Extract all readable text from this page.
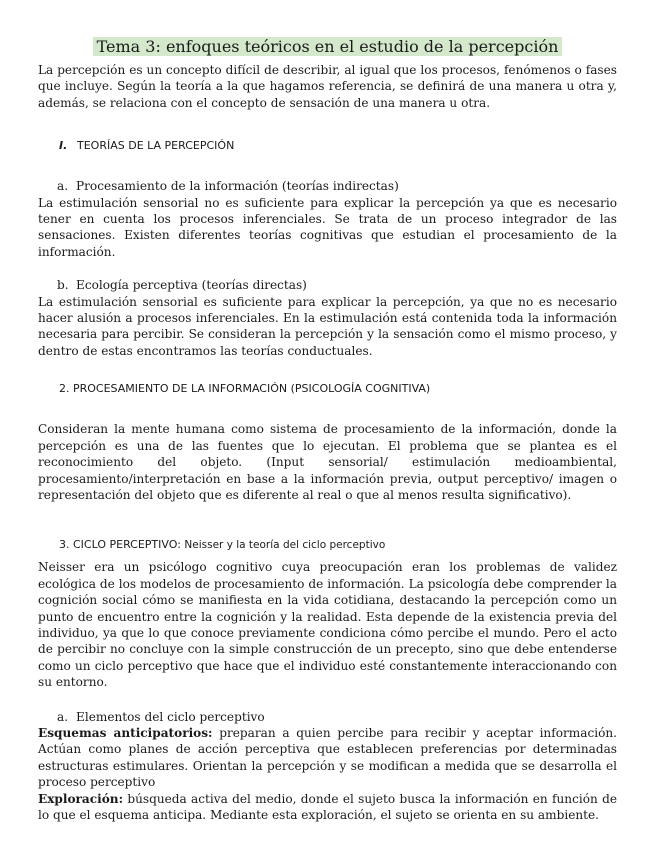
Tema 3: enfoques teóricos en el estudio de la percepción

La percepción es un concepto difícil de describir, al igual que los procesos, fenómenos o fases que incluye. Según la teoría a la que hagamos referencia, se definirá de una manera u otra y, además, se relaciona con el concepto de sensación de una manera u otra.

I. TEORÍAS DE LA PERCEPCIÓN
a. Procesamiento de la información (teorías indirectas)

La estimulación sensorial no es suficiente para explicar la percepción ya que es necesario tener en cuenta los procesos inferenciales. Se trata de un proceso integrador de las sensaciones. Existen diferentes teorías cognitivas que estudian el procesamiento de la información.

b. Ecología perceptiva (teorías directas)

La estimulación sensorial es suficiente para explicar la percepción, ya que no es necesario hacer alusión a procesos inferenciales. En la estimulación está contenida toda la información necesaria para percibir. Se consideran la percepción y la sensación como el mismo proceso, y dentro de estas encontramos las teorías conductuales.

2. PROCESAMIENTO DE LA INFORMACIÓN (PSICOLOGÍA COGNITIVA)

Consideran la mente humana como sistema de procesamiento de la información, donde la percepción es una de las fuentes que lo ejecutan. El problema que se plantea es el reconocimiento del objeto. (Input sensorial/ estimulación medioambiental, procesamiento/interpretación en base a la información previa, output perceptivo/ imagen o representación del objeto que es diferente al real o que al menos resulta significativo).

3. CICLO PERCEPTIVO: Neisser y la teoría del ciclo perceptivo

Neisser era un psicólogo cognitivo cuya preocupación eran los problemas de validez ecológica de los modelos de procesamiento de información. La psicología debe comprender la cognición social cómo se manifiesta en la vida cotidiana, destacando la percepción como un punto de encuentro entre la cognición y la realidad. Esta depende de la existencia previa del individuo, ya que lo que conoce previamente condiciona cómo percibe el mundo. Pero el acto de percibir no concluye con la simple construcción de un precepto, sino que debe entenderse como un ciclo perceptivo que hace que el individuo esté constantemente interaccionando con su entorno.

a. Elementos del ciclo perceptivo

Esquemas anticipatorios: preparan a quien percibe para recibir y aceptar información. Actúan como planes de acción perceptiva que establecen preferencias por determinadas estructuras estimulares. Orientan la percepción y se modifican a medida que se desarrolla el proceso perceptivo

Exploración: búsqueda activa del medio, donde el sujeto busca la información en función de lo que el esquema anticipa. Mediante esta exploración, el sujeto se orienta en su ambiente.
